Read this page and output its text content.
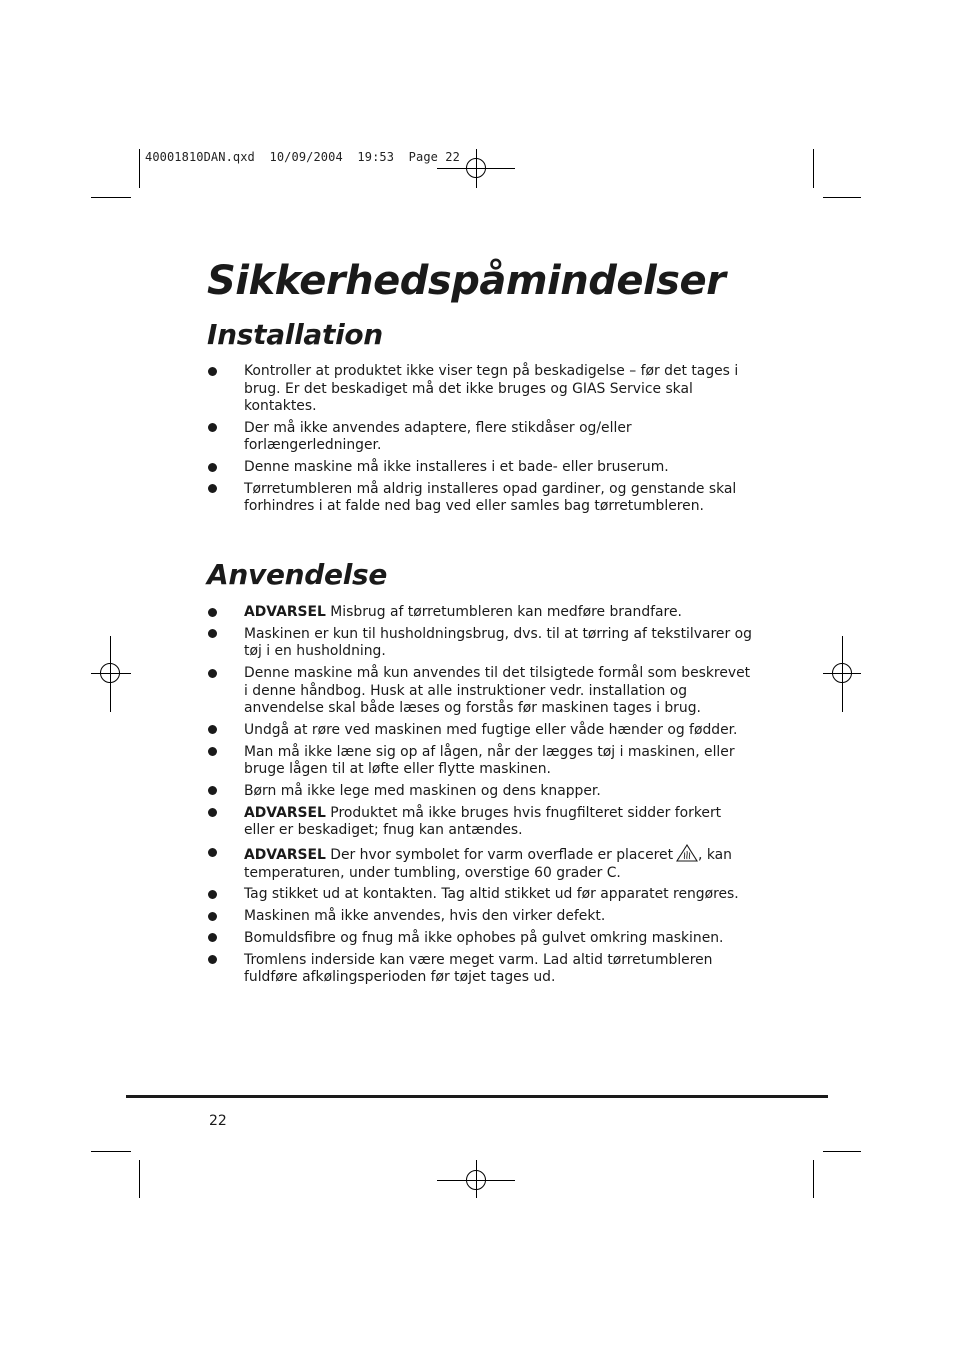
40001810DAN.qxd  10/09/2004  19:53  Page 22
Sikkerhedspåmindelser
Installation
Kontroller at produktet ikke viser tegn på beskadigelse – før det tages i brug. Er det beskadiget må det ikke bruges og GIAS Service skal kontaktes.
Der må ikke anvendes adaptere, flere stikdåser og/eller forlængerledninger.
Denne maskine må ikke installeres i et bade- eller bruserum.
Tørretumbleren må aldrig installeres opad gardiner, og genstande skal forhindres i at falde ned bag ved eller samles bag tørretumbleren.
Anvendelse
ADVARSEL Misbrug af tørretumbleren kan medføre brandfare.
Maskinen er kun til husholdningsbrug, dvs. til at tørring af tekstilvarer og tøj i en husholdning.
Denne maskine må kun anvendes til det tilsigtede formål som beskrevet i denne håndbog. Husk at alle instruktioner vedr. installation og anvendelse skal både læses og forstås før maskinen tages i brug.
Undgå at røre ved maskinen med fugtige eller våde hænder og fødder.
Man må ikke læne sig op af lågen, når der lægges tøj i maskinen, eller bruge lågen til at løfte eller flytte maskinen.
Børn må ikke lege med maskinen og dens knapper.
ADVARSEL Produktet må ikke bruges hvis fnugfilteret sidder forkert eller er beskadiget; fnug kan antændes.
ADVARSEL Der hvor symbolet for varm overflade er placeret , kan temperaturen, under tumbling, overstige 60 grader C.
Tag stikket ud at kontakten. Tag altid stikket ud før apparatet rengøres.
Maskinen må ikke anvendes, hvis den virker defekt.
Bomuldsfibre og fnug må ikke ophobes på gulvet omkring maskinen.
Tromlens inderside kan være meget varm. Lad altid tørretumbleren fuldføre afkølingsperioden før tøjet tages ud.
22
